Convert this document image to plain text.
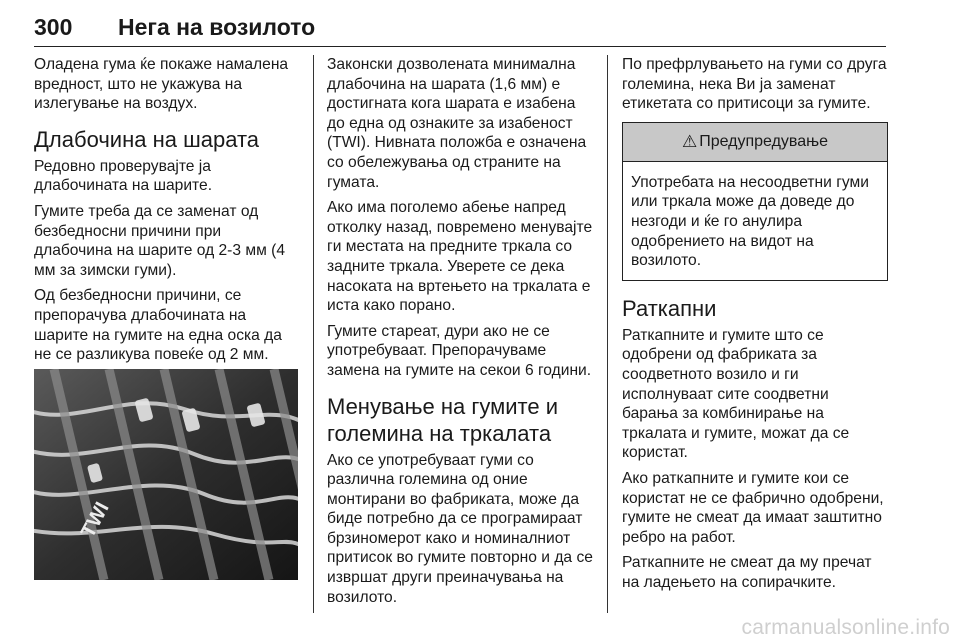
300 Нега на возилото

Оладена гума ќе покаже намалена вредност, што не укажува на излегување на воздух.

Длабочина на шарата

Редовно проверувајте ја длабочината на шарите.

Гумите треба да се заменат од безбедносни причини при длабочина на шарите од 2-3 мм (4 мм за зимски гуми).

Од безбедносни причини, се препорачува длабочината на шарите на гумите на една оска да не се разликува повеќе од 2 мм.

TWI

Законски дозволената минимална длабочина на шарата (1,6 мм) е достигната кога шарата е изабена до една од ознаките за изабеност (TWI). Нивната положба е означена со обележувања од страните на гумата.

Ако има поголемо абење напред отколку назад, повремено менувајте ги местата на предните тркала со задните тркала. Уверете се дека насоката на вртењето на тркалата е иста како порано.

Гумите стареат, дури ако не се употребуваат. Препорачуваме замена на гумите на секои 6 години.

Менување на гумите и големина на тркалата

Ако се употребуваат гуми со различна големина од оние монтирани во фабриката, може да биде потребно да се програмираат брзиномерот како и номиналниот притисок во гумите повторно и да се извршат други преиначувања на возилото.

По префрлувањето на гуми со друга големина, нека Ви ја заменат етикетата со притисоци за гумите.

⚠ Предупредување

Употребата на несоодветни гуми или тркала може да доведе до незгоди и ќе го анулира одобрението на видот на возилото.

Раткапни

Раткапните и гумите што се одобрени од фабриката за соодветното возило и ги исполнуваат сите соодветни барања за комбинирање на тркалата и гумите, можат да се користат.

Ако раткапните и гумите кои се користат не се фабрично одобрени, гумите не смеат да имаат заштитно ребро на работ.

Раткапните не смеат да му пречат на ладењето на сопирачките.

carmanualsonline.info
